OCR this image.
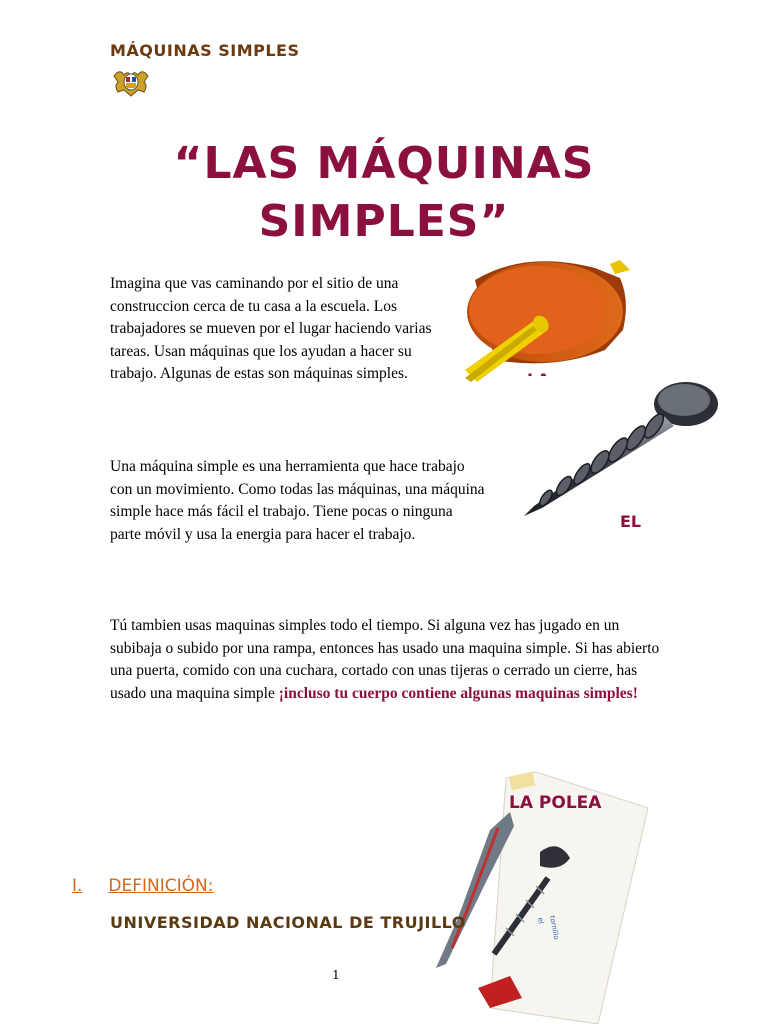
MÁQUINAS SIMPLES
“LAS MÁQUINAS
SIMPLES”
Imagina que vas caminando por el sitio de una construccion cerca de tu casa a la escuela. Los trabajadores se mueven por el lugar haciendo varias tareas. Usan máquinas que los ayudan a hacer su trabajo. Algunas de estas son máquinas simples.
Una máquina simple es una herramienta que hace trabajo con un movimiento. Como todas las máquinas, una máquina simple hace más fácil el trabajo. Tiene pocas o ninguna parte móvil y usa la energia para hacer el trabajo.
Tú tambien usas maquinas simples todo el tiempo. Si alguna vez has jugado en un subibaja o subido por una rampa, entonces has usado una maquina simple. Si has abierto una puerta, comido con una cuchara, cortado con unas tijeras o cerrado un cierre, has usado una maquina simple ¡incluso tu cuerpo contiene algunas maquinas simples!
EL
el tornillo
LA POLEA
I. DEFINICIÓN:
UNIVERSIDAD NACIONAL DE TRUJILLO
1
